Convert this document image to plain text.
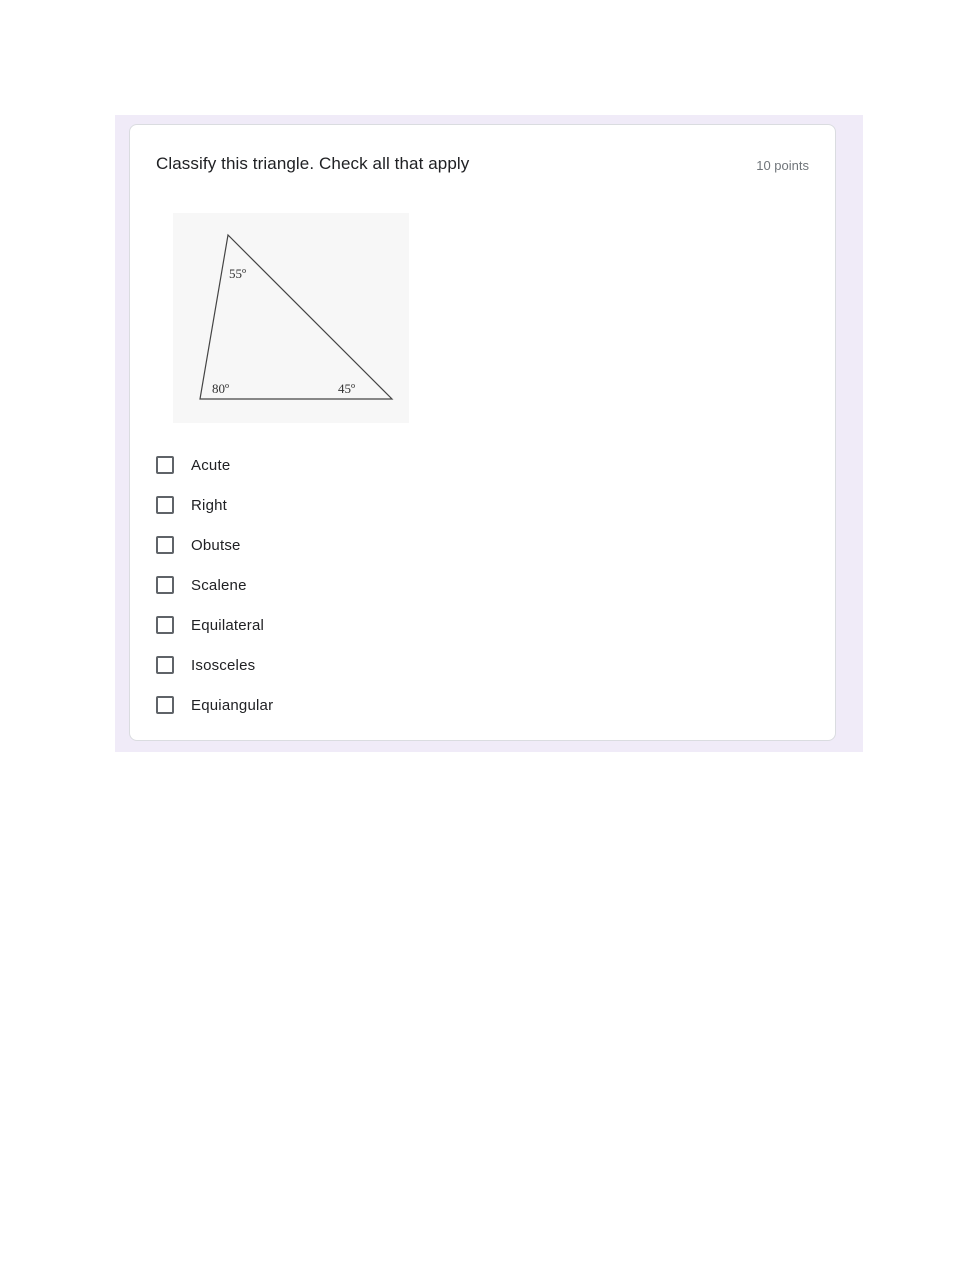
Classify this triangle. Check all that apply	10 points
55º
80º	45º
Acute
Right
Obutse
Scalene
Equilateral
Isosceles
Equiangular
